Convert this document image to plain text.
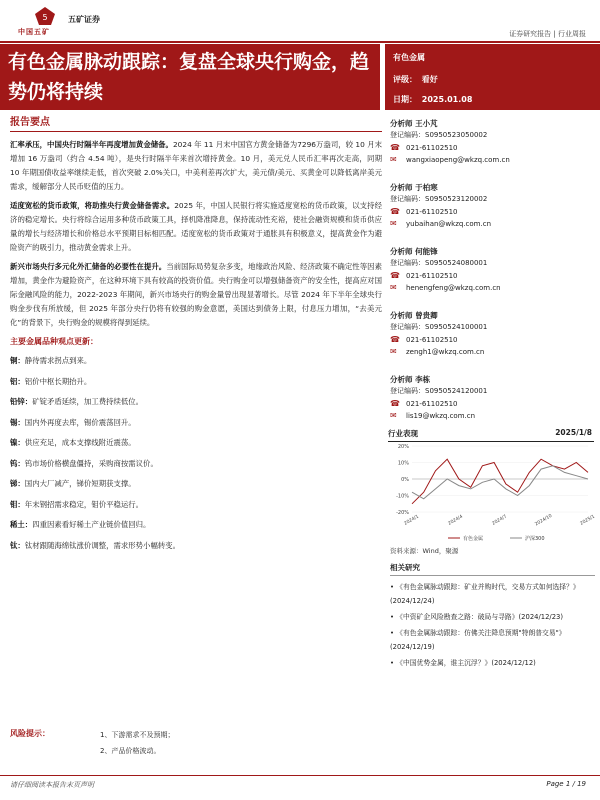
5
中国五矿
五矿证券
证券研究报告 | 行业周报
有色金属脉动跟踪：复盘全球央行购金，趋势仍将持续
有色金属
评级： 看好
日期： 2025.01.08
报告要点

汇率承压，中国央行时隔半年再度增加黄金储备。2024 年 11 月末中国官方黄金储备为7296万盎司，较 10 月末增加 16 万盎司（约合 4.54 吨），是央行时隔半年来首次增持黄金。10 月，美元兑人民币汇率再次走高，同期 10 年期国债收益率继续走低，首次突破 2.0%关口，中美利差再次扩大，美元债/美元、买黄金可以降低离岸美元需求，缓解部分人民币贬值的压力。

适度宽松的货币政策，将助推央行黄金储备需求。2025 年，中国人民银行将实施适度宽松的货币政策，以支持经济的稳定增长。央行将综合运用多种货币政策工具，择机降准降息，保持流动性充裕，使社会融资规模和货币供应量的增长与经济增长和价格总水平预期目标相匹配。适度宽松的货币政策对于通胀具有积极意义，提高黄金作为避险资产的吸引力，推动黄金需求上升。

新兴市场央行多元化外汇储备的必要性在提升。当前国际局势复杂多变，地缘政治风险、经济政策不确定性等因素增加，黄金作为避险资产，在这种环境下具有较高的投资价值。央行购金可以增强储备资产的安全性，提高应对国际金融风险的能力，2022-2023 年期间，新兴市场央行的购金量曾出现显著增长。尽管 2024 年下半年全球央行购金步伐有所放缓，但 2025 年部分央行仍将有较强的购金意愿，美国达到债务上限，付息压力增加，“去美元化”的背景下，央行购金的规模将得到延续。

主要金属品种观点更新：
铜：静待需求拐点到来。
铝：铝价中枢长期抬升。
铅锌：矿锭矛盾延续，加工费持续低位。
锡：国内外再度去库，锡价震荡回升。
镍：供应充足，成本支撑线附近震荡。
钨：钨市场价格横盘僵持，采购商按需议价。
锑：国内大厂减产，锑价短期获支撑。
钼：年末钢招需求稳定，钼价平稳运行。
稀土：四重因素看好稀土产业链价值回归。
钛：钛材跟随海绵钛涨价调整，需求形势小幅转变。
风险提示：	1、下游需求不及预期；
2、产品价格波动。
分析师 王小芃
登记编码：S0950523050002
☎ 021-61102510
✉ wangxiaopeng@wkzq.com.cn
分析师 于柏寒
登记编码：S0950523120002
☎ 021-61102510
✉ yubaihan@wkzq.com.cn
分析师 何能锋
登记编码：S0950524080001
☎ 021-61102510
✉ henengfeng@wkzq.com.cn
分析师 曾贵卿
登记编码：S0950524100001
☎ 021-61102510
✉ zengh1@wkzq.com.cn
分析师 李栋
登记编码：S0950524120001
☎ 021-61102510
✉ lis19@wkzq.com.cn
行业表现	2025/1/8
20%
10%
0%
-10%
-20%
2024/1	2024/4	2024/7	2024/10	2025/1
有色金属	沪深300
资料来源：Wind，聚源
相关研究
• 《有色金属脉动跟踪：矿业并购时代，交易方式如何选择？》(2024/12/24)
• 《中资矿企风险勘查之路：破局与寻路》(2024/12/23)
• 《有色金属脉动跟踪：仿佛关注降息预期"特朗普交易"》(2024/12/19)
• 《中国优势金属，谁主沉浮？》(2024/12/12)
请仔细阅读本报告末页声明	Page 1 / 19
